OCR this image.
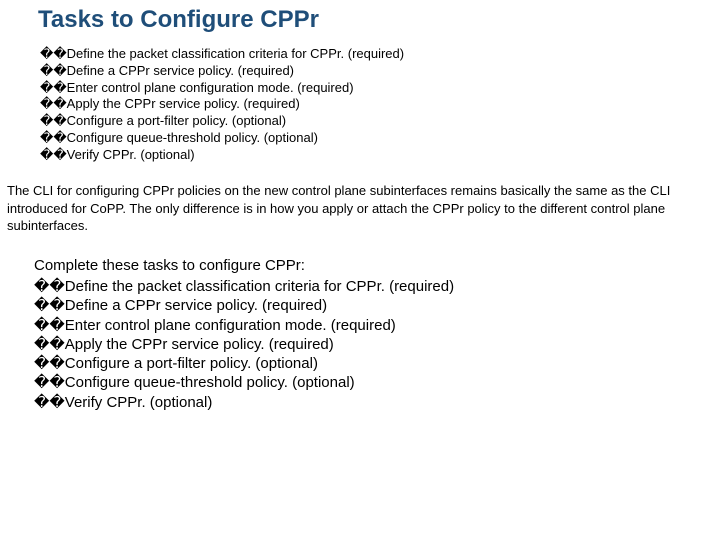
Tasks to Configure CPPr
��Define the packet classification criteria for CPPr. (required)
��Define a CPPr service policy. (required)
��Enter control plane configuration mode. (required)
��Apply the CPPr service policy. (required)
��Configure a port-filter policy. (optional)
��Configure queue-threshold policy. (optional)
��Verify CPPr. (optional)

The CLI for configuring CPPr policies on the new control plane subinterfaces remains basically the same as the CLI introduced for CoPP. The only difference is in how you apply or attach the CPPr policy to the different control plane subinterfaces.

Complete these tasks to configure CPPr:

��Define the packet classification criteria for CPPr. (required)
��Define a CPPr service policy. (required)
��Enter control plane configuration mode. (required)
��Apply the CPPr service policy. (required)
��Configure a port-filter policy. (optional)
��Configure queue-threshold policy. (optional)
��Verify CPPr. (optional)
